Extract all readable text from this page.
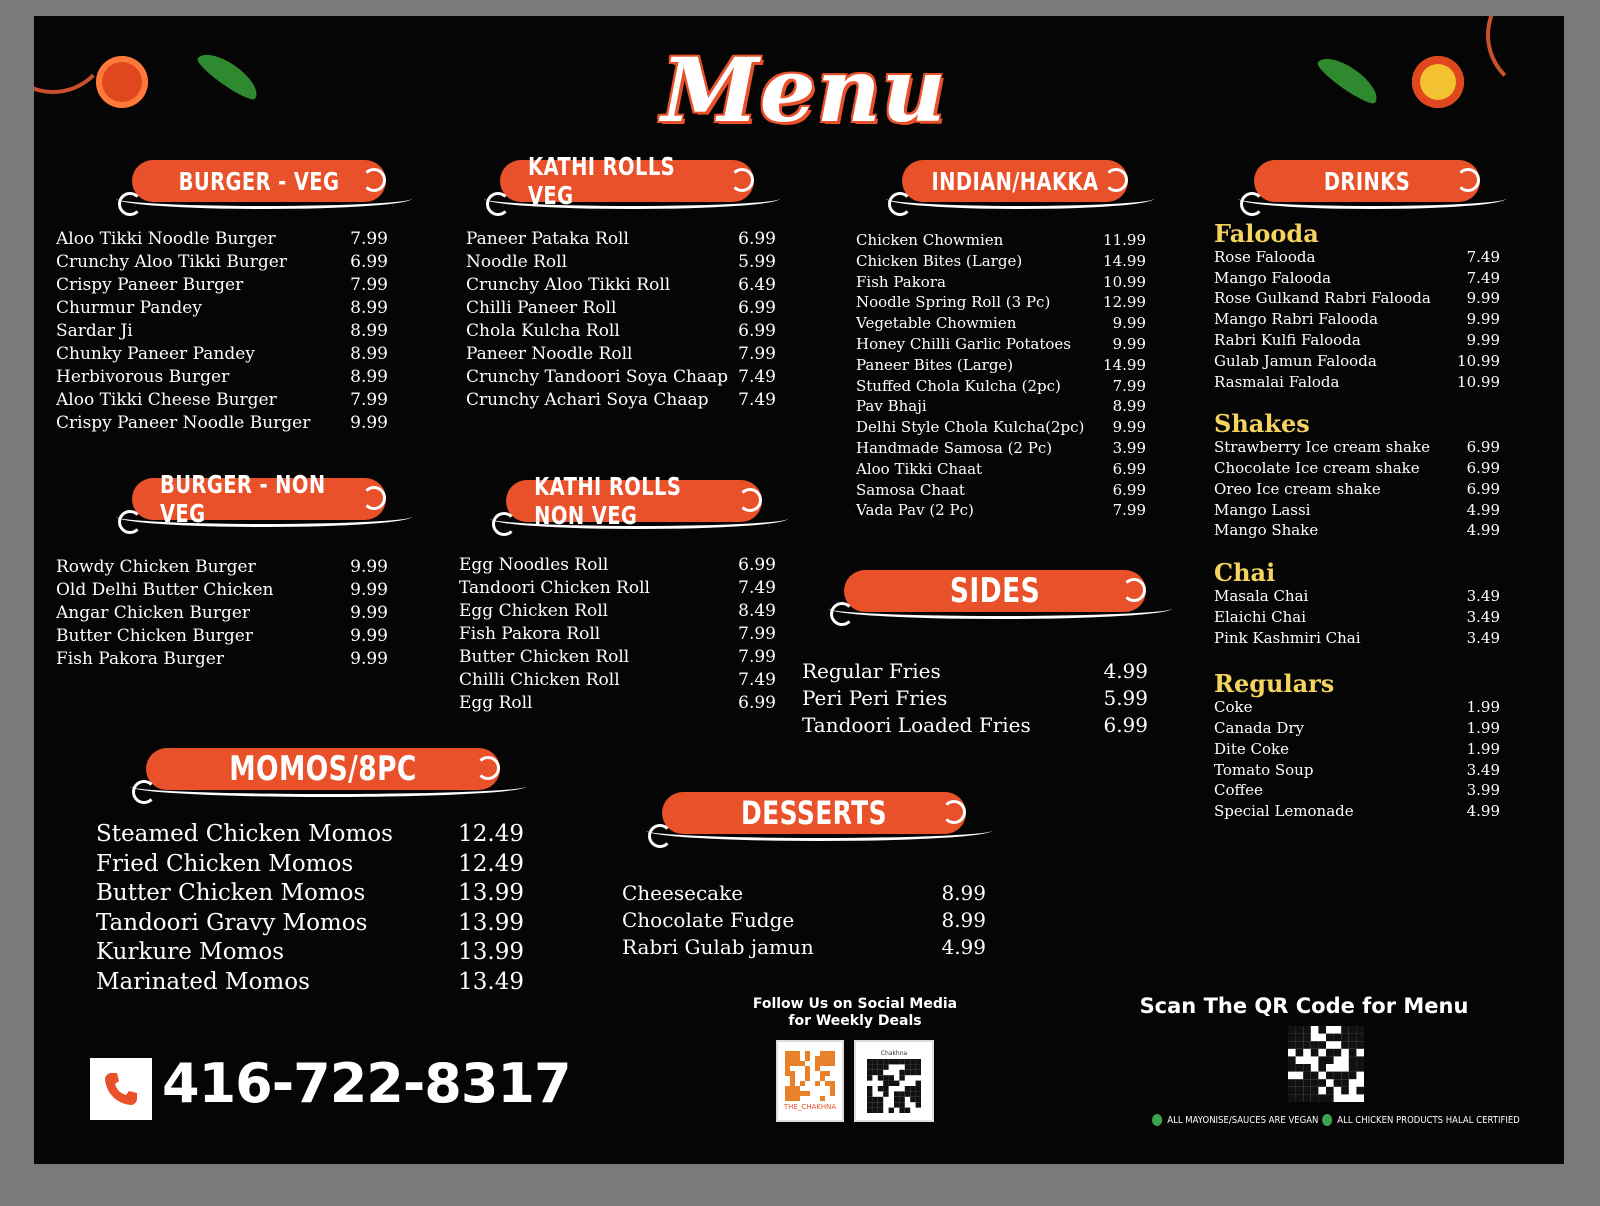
Menu
BURGER - VEG
Aloo Tikki Noodle Burger	7.99
Crunchy Aloo Tikki Burger	6.99
Crispy Paneer Burger	7.99
Churmur Pandey	8.99
Sardar Ji	8.99
Chunky Paneer Pandey	8.99
Herbivorous Burger	8.99
Aloo Tikki Cheese Burger	7.99
Crispy Paneer Noodle Burger 9.99
BURGER - NON VEG
Rowdy Chicken Burger	9.99
Old Delhi Butter Chicken	9.99
Angar Chicken Burger	9.99
Butter Chicken Burger	9.99
Fish Pakora Burger	9.99
MOMOS/8PC
Steamed Chicken Momos	12.49
Fried Chicken Momos	12.49
Butter Chicken Momos	13.99
Tandoori Gravy Momos	13.99
Kurkure Momos	13.99
Marinated Momos	13.49
KATHI ROLLS VEG
Paneer Pataka Roll	6.99
Noodle Roll	5.99
Crunchy Aloo Tikki Roll	6.49
Chilli Paneer Roll	6.99
Chola Kulcha Roll	6.99
Paneer Noodle Roll	7.99
Crunchy Tandoori Soya Chaap 7.49
Crunchy Achari Soya Chaap 7.49
KATHI ROLLS NON VEG
Egg Noodles Roll	6.99
Tandoori Chicken Roll	7.49
Egg Chicken Roll	8.49
Fish Pakora Roll	7.99
Butter Chicken Roll	7.99
Chilli Chicken Roll	7.49
Egg Roll	6.99
DESSERTS
Cheesecake	8.99
Chocolate Fudge	8.99
Rabri Gulab jamun	4.99
INDIAN/HAKKA
Chicken Chowmien	11.99
Chicken Bites (Large)	14.99
Fish Pakora	10.99
Noodle Spring Roll (3 Pc)	12.99
Vegetable Chowmien	9.99
Honey Chilli Garlic Potatoes	9.99
Paneer Bites (Large)	14.99
Stuffed Chola Kulcha (2pc)	7.99
Pav Bhaji	8.99
Delhi Style Chola Kulcha(2pc) 9.99
Handmade Samosa (2 Pc)	3.99
Aloo Tikki Chaat	6.99
Samosa Chaat	6.99
Vada Pav (2 Pc)	7.99
SIDES
Regular Fries	4.99
Peri Peri Fries	5.99
Tandoori Loaded Fries	6.99
DRINKS
Falooda
Rose Falooda	7.49
Mango Falooda	7.49
Rose Gulkand Rabri Falooda 9.99
Mango Rabri Falooda	9.99
Rabri Kulfi Falooda	9.99
Gulab Jamun Falooda	10.99
Rasmalai Faloda	10.99
Shakes
Strawberry Ice cream shake 6.99
Chocolate Ice cream shake	6.99
Oreo Ice cream shake	6.99
Mango Lassi	4.99
Mango Shake	4.99
Chai
Masala Chai	3.49
Elaichi Chai	3.49
Pink Kashmiri Chai	3.49
Regulars
Coke	1.99
Canada Dry	1.99
Dite Coke	1.99
Tomato Soup	3.49
Coffee	3.99
Special Lemonade	4.99
416-722-8317
Follow Us on Social Media for Weekly Deals
THE_CHAKHNA
Chakhna
Scan The QR Code for Menu
ALL MAYONISE/SAUCES ARE VEGAN	ALL CHICKEN PRODUCTS HALAL CERTIFIED
